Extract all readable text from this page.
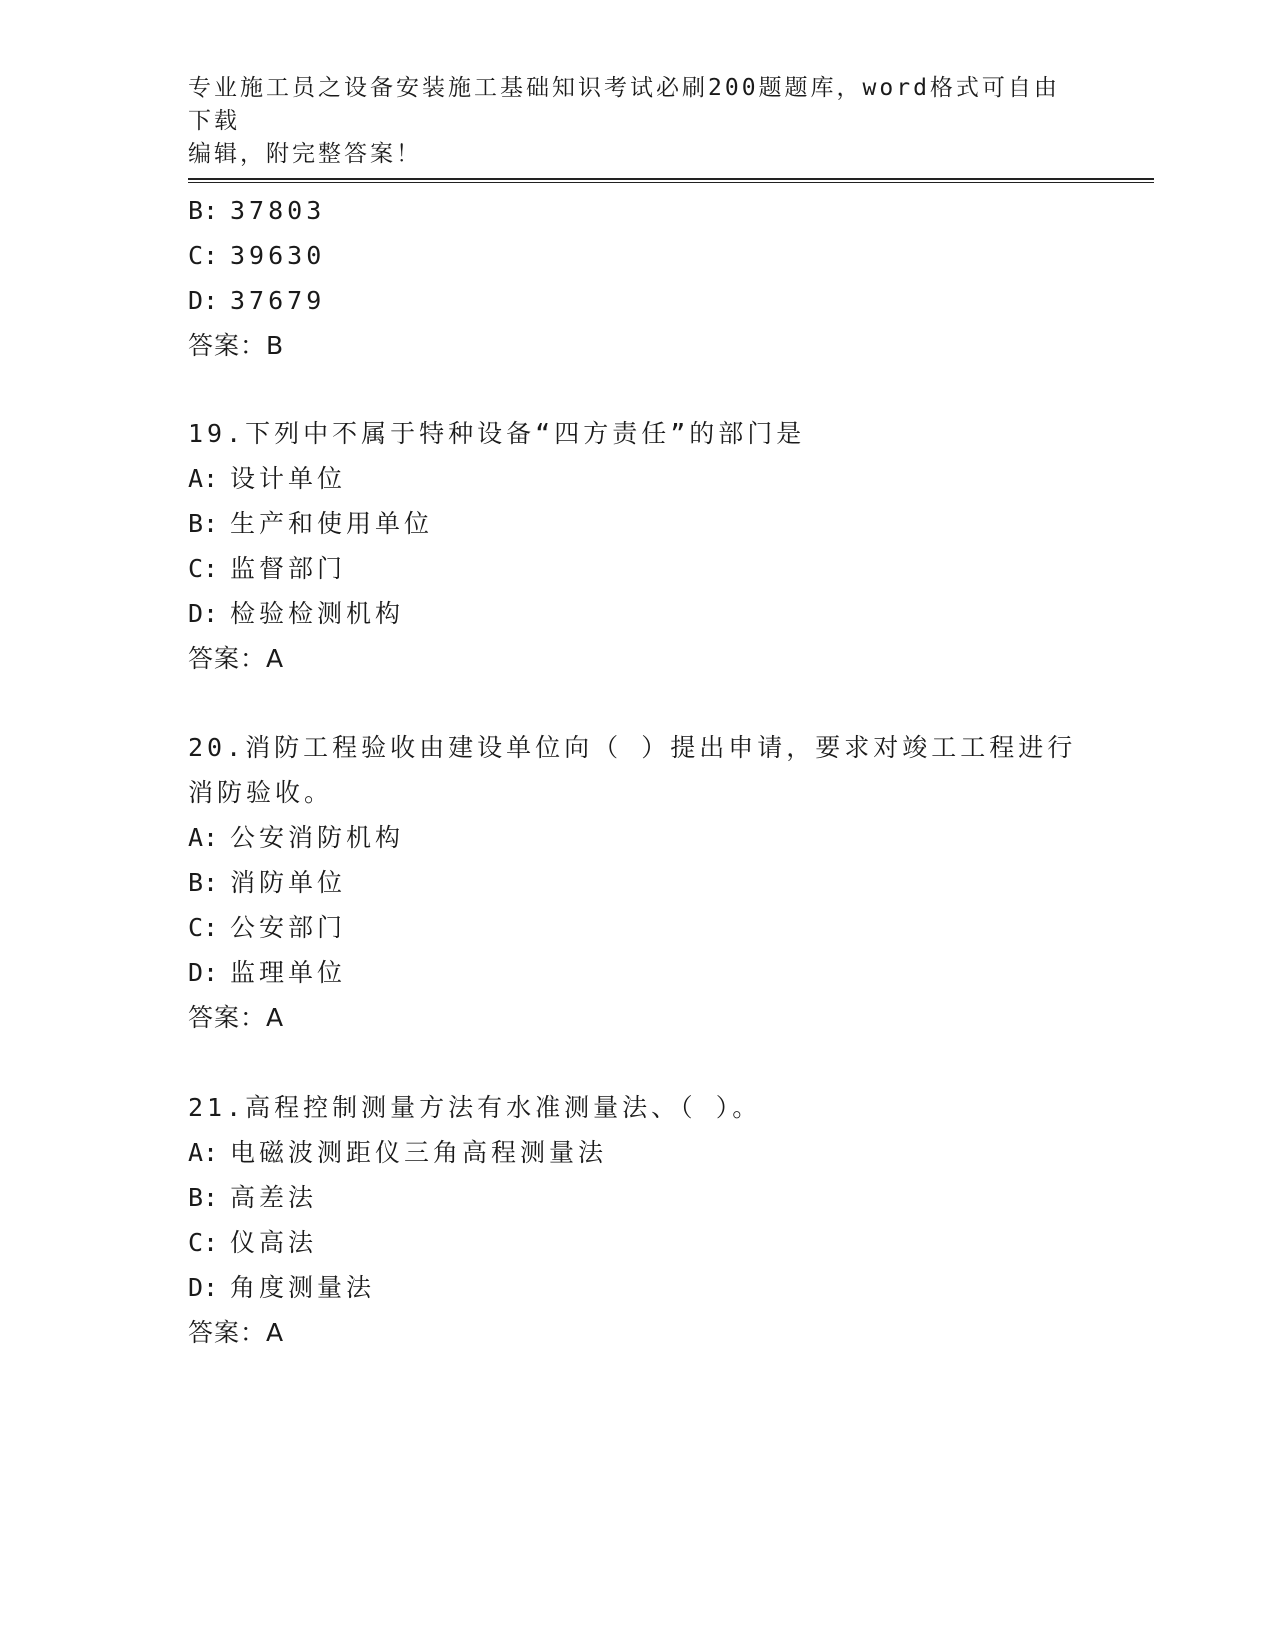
专业施工员之设备安装施工基础知识考试必刷200题题库，word格式可自由下载
编辑，附完整答案！
B: 37803
C: 39630
D: 37679
答案：B
19.下列中不属于特种设备“四方责任”的部门是
A: 设计单位
B: 生产和使用单位
C: 监督部门
D: 检验检测机构
答案：A
20.消防工程验收由建设单位向（ ）提出申请，要求对竣工工程进行
消防验收。
A: 公安消防机构
B: 消防单位
C: 公安部门
D: 监理单位
答案：A
21.高程控制测量方法有水准测量法、（ ）。
A: 电磁波测距仪三角高程测量法
B: 高差法
C: 仪高法
D: 角度测量法
答案：A
